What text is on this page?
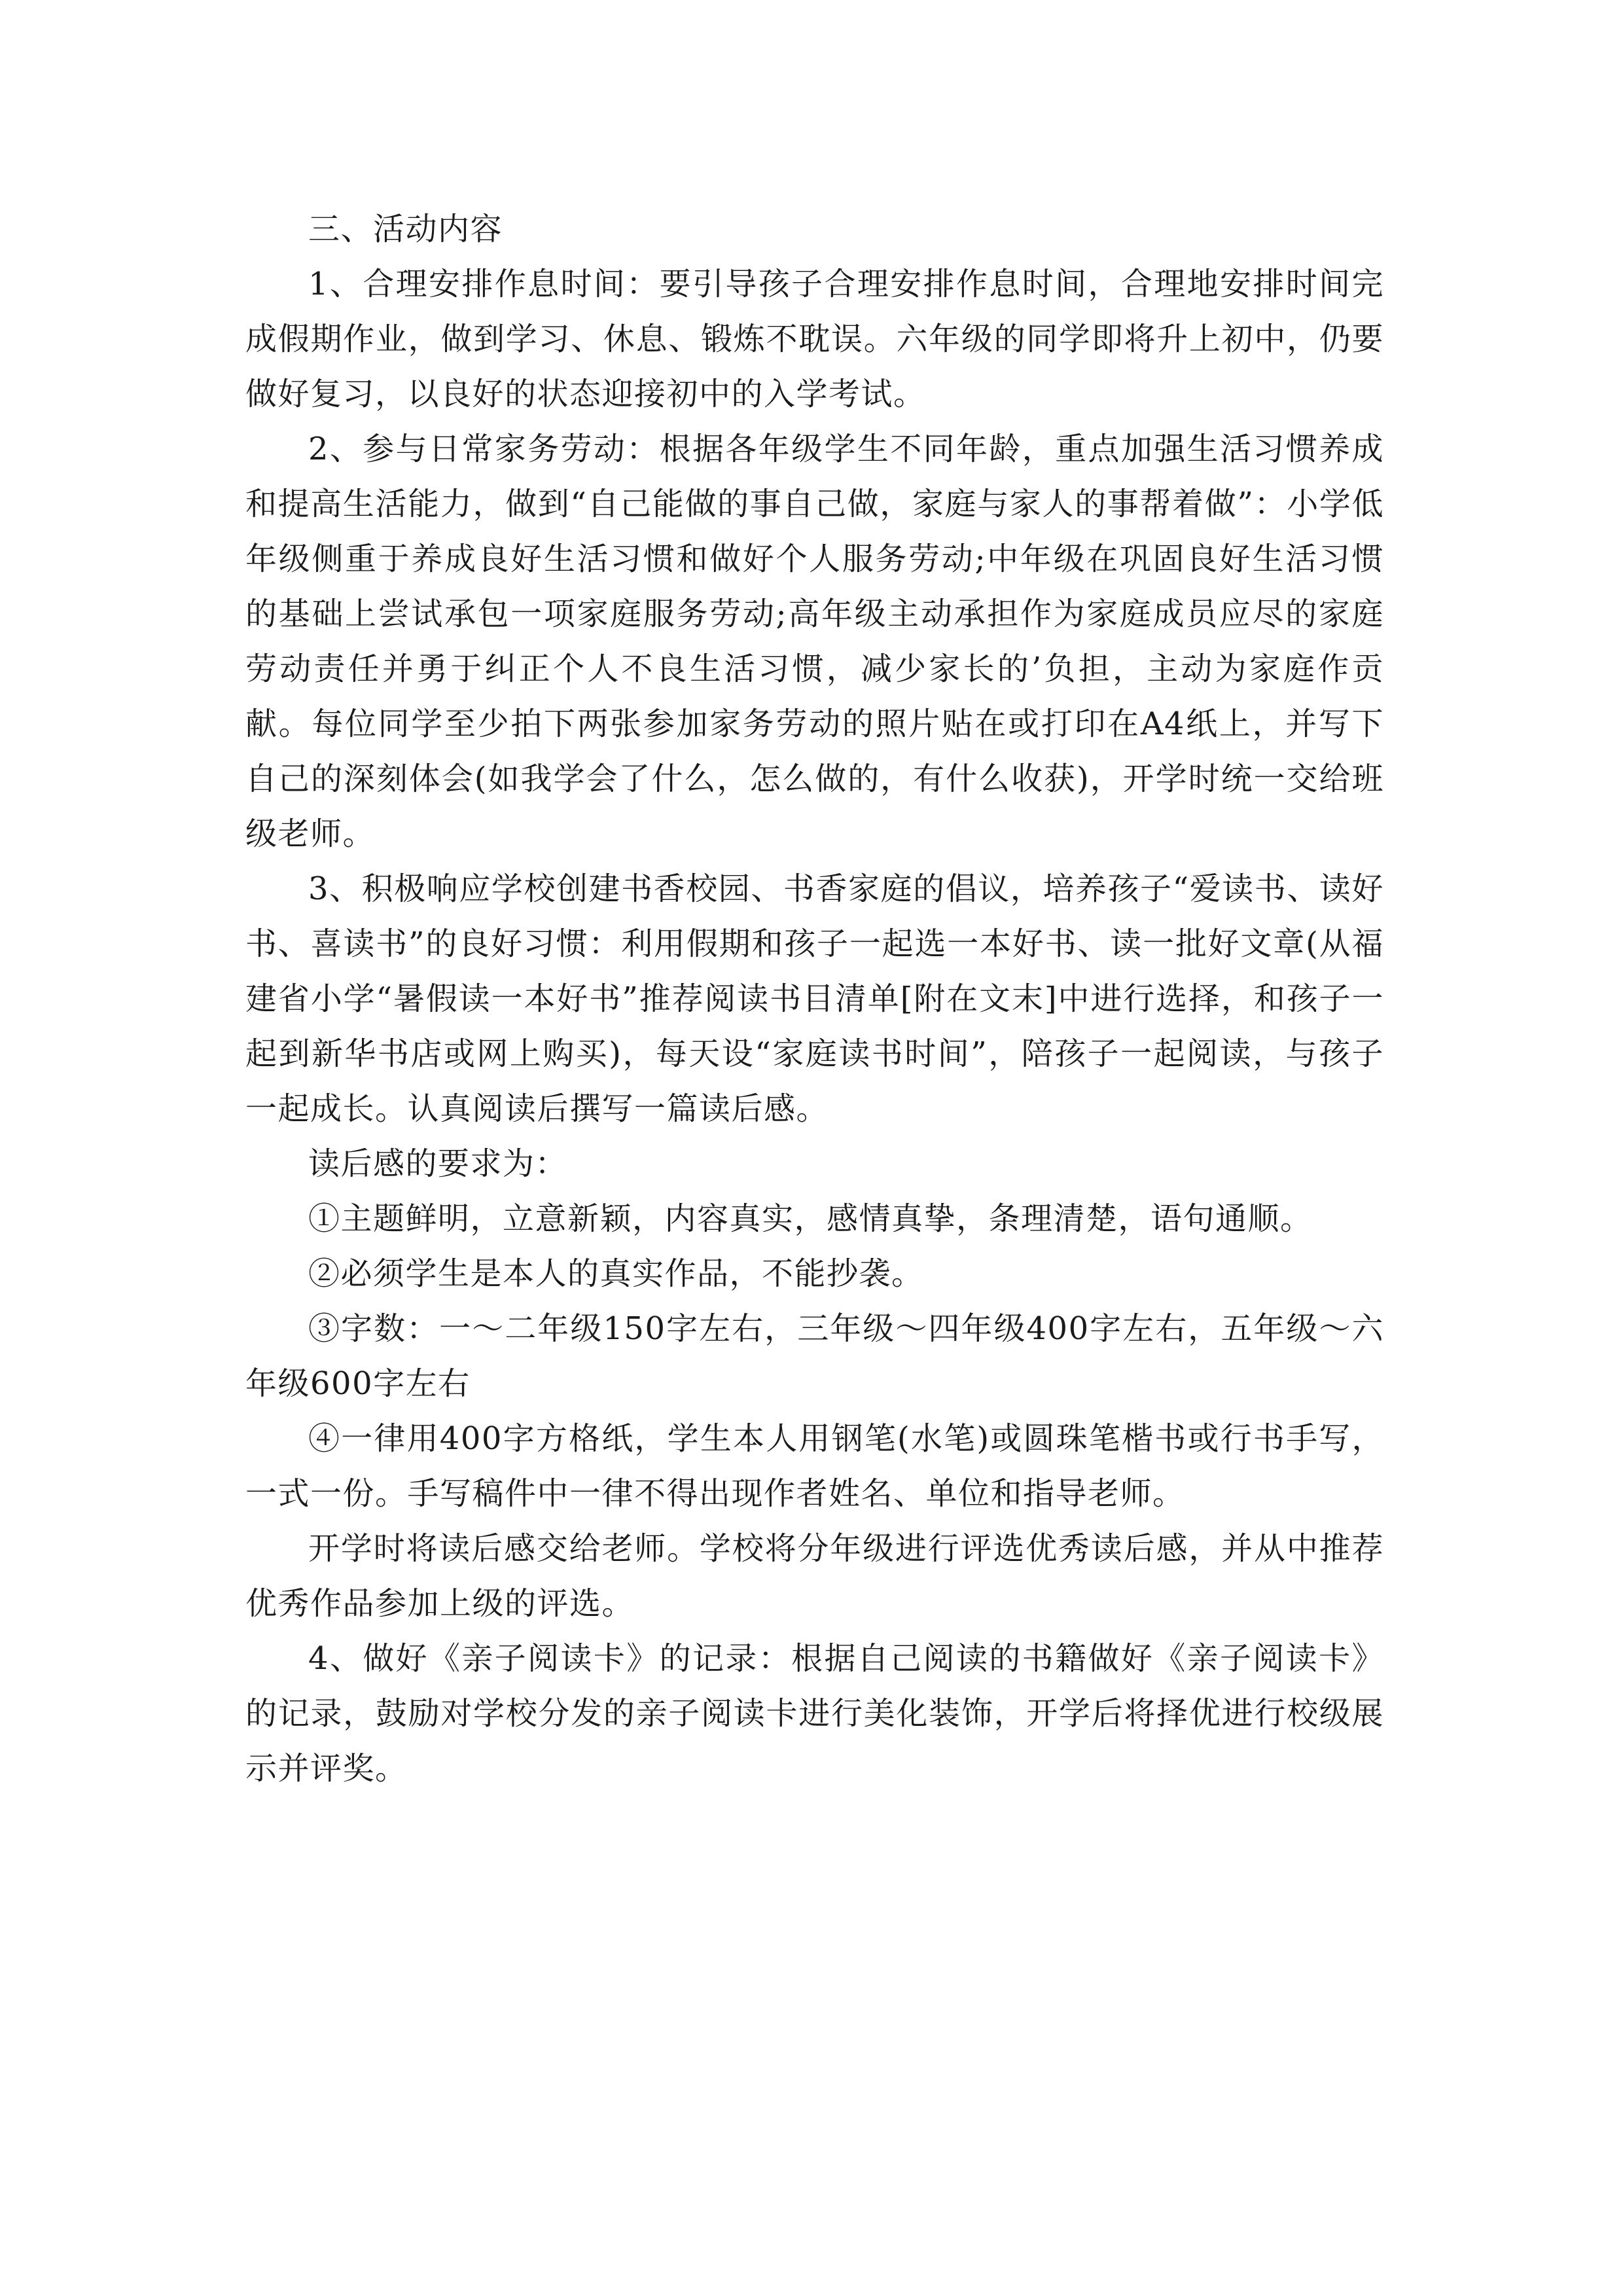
三、活动内容

1、合理安排作息时间：要引导孩子合理安排作息时间，合理地安排时间完成假期作业，做到学习、休息、锻炼不耽误。六年级的同学即将升上初中，仍要做好复习，以良好的状态迎接初中的入学考试。

2、参与日常家务劳动：根据各年级学生不同年龄，重点加强生活习惯养成和提高生活能力，做到“自己能做的事自己做，家庭与家人的事帮着做”：小学低年级侧重于养成良好生活习惯和做好个人服务劳动;中年级在巩固良好生活习惯的基础上尝试承包一项家庭服务劳动;高年级主动承担作为家庭成员应尽的家庭劳动责任并勇于纠正个人不良生活习惯，减少家长的’负担，主动为家庭作贡献。每位同学至少拍下两张参加家务劳动的照片贴在或打印在A4纸上，并写下自己的深刻体会(如我学会了什么，怎么做的，有什么收获)，开学时统一交给班级老师。

3、积极响应学校创建书香校园、书香家庭的倡议，培养孩子“爱读书、读好书、喜读书”的良好习惯：利用假期和孩子一起选一本好书、读一批好文章(从福建省小学“暑假读一本好书”推荐阅读书目清单[附在文末]中进行选择，和孩子一起到新华书店或网上购买)，每天设“家庭读书时间”，陪孩子一起阅读，与孩子一起成长。认真阅读后撰写一篇读后感。

读后感的要求为：

①主题鲜明，立意新颖，内容真实，感情真挚，条理清楚，语句通顺。

②必须学生是本人的真实作品，不能抄袭。

③字数：一～二年级150字左右，三年级～四年级400字左右，五年级～六年级600字左右

④一律用400字方格纸，学生本人用钢笔(水笔)或圆珠笔楷书或行书手写，一式一份。手写稿件中一律不得出现作者姓名、单位和指导老师。

开学时将读后感交给老师。学校将分年级进行评选优秀读后感，并从中推荐优秀作品参加上级的评选。

4、做好《亲子阅读卡》的记录：根据自己阅读的书籍做好《亲子阅读卡》的记录，鼓励对学校分发的亲子阅读卡进行美化装饰，开学后将择优进行校级展示并评奖。
